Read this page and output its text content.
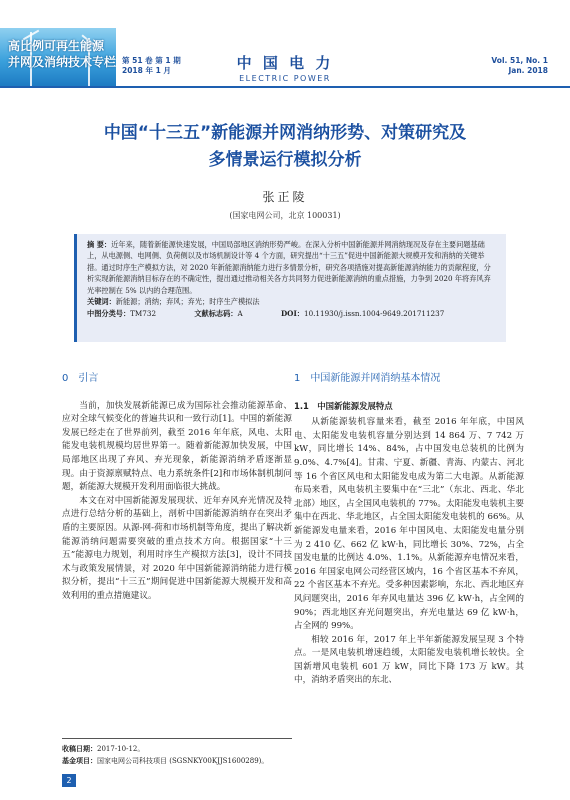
高比例可再生能源
并网及消纳技术专栏 第 51 卷 第 1 期
2018 年 1 月	中 国 电 力
ELECTRIC POWER
Vol. 51, No. 1
Jan. 2018
中国“十三五”新能源并网消纳形势、对策研究及
多情景运行模拟分析
张正陵
(国家电网公司，北京 100031)
摘 要：近年来，随着新能源快速发展，中国局部地区消纳形势严峻。在深入分析中国新能源并网消纳现况及存在主要问题基础上，从电源侧、电网侧、负荷侧以及市场机制设计等 4 个方面，研究提出“十三五”促进中国新能源大规模开发和消纳的关键举措。通过时序生产模拟方法，对 2020 年新能源消纳能力进行多情景分析，研究各项措施对提高新能源消纳能力的贡献程度，分析实现新能源消纳目标存在的不确定性，提出通过推动相关各方共同努力促进新能源消纳的重点措施，力争到 2020 年将弃风弃光率控制在 5% 以内的合理范围。
关键词：新能源；消纳；弃风；弃光；时序生产模拟法
中图分类号：TM732	文献标志码：A	DOI：10.11930/j.issn.1004-9649.201711237
0　引言

当前，加快发展新能源已成为国际社会推动能源革命、应对全球气候变化的普遍共识和一致行动[1]。中国的新能源发展已经走在了世界前列，截至 2016 年年底，风电、太阳能发电装机规模均居世界第一。随着新能源加快发展，中国局部地区出现了弃风、弃光现象，新能源消纳矛盾逐渐显现。由于资源禀赋特点、电力系统条件[2]和市场体制机制问题，新能源大规模开发利用面临很大挑战。

本文在对中国新能源发展现状、近年弃风弃光情况及特点进行总结分析的基础上，剖析中国新能源消纳存在突出矛盾的主要原因。从源-网-荷和市场机制等角度，提出了解决新能源消纳问题需要突破的重点技术方向。根据国家“十三五”能源电力规划，利用时序生产模拟方法[3]，设计不同技术与政策发展情景，对 2020 年中国新能源消纳能力进行模拟分析，提出“十三五”期间促进中国新能源大规模开发和高效利用的重点措施建议。

收稿日期：2017-10-12。
基金项目：国家电网公司科技项目 (SGSNKY00KJJS1600289)。
1　中国新能源并网消纳基本情况
1.1　中国新能源发展特点

从新能源装机容量来看，截至 2016 年年底，中国风电、太阳能发电装机容量分别达到 14 864 万、7 742 万 kW，同比增长 14%、84%，占中国发电总装机的比例为 9.0%、4.7%[4]。甘肃、宁夏、新疆、青海、内蒙古、河北等 16 个省区风电和太阳能发电成为第二大电源。从新能源布局来看，风电装机主要集中在“三北”（东北、西北、华北北部）地区，占全国风电装机的 77%。太阳能发电装机主要集中在西北、华北地区，占全国太阳能发电装机的 66%。从新能源发电量来看，2016 年中国风电、太阳能发电量分别为 2 410 亿、662 亿 kW·h，同比增长 30%、72%，占全国发电量的比例达 4.0%、1.1%。从新能源弃电情况来看，2016 年国家电网公司经营区域内，16 个省区基本不弃风，22 个省区基本不弃光。受多种因素影响，东北、西北地区弃风问题突出，2016 年弃风电量达 396 亿 kW·h，占全网的 90%；西北地区弃光问题突出，弃光电量达 69 亿 kW·h，占全网的 99%。

相较 2016 年，2017 年上半年新能源发展呈现 3 个特点。一是风电装机增速趋缓，太阳能发电装机增长较快。全国新增风电装机 601 万 kW，同比下降 173 万 kW。其中，消纳矛盾突出的东北、

2
